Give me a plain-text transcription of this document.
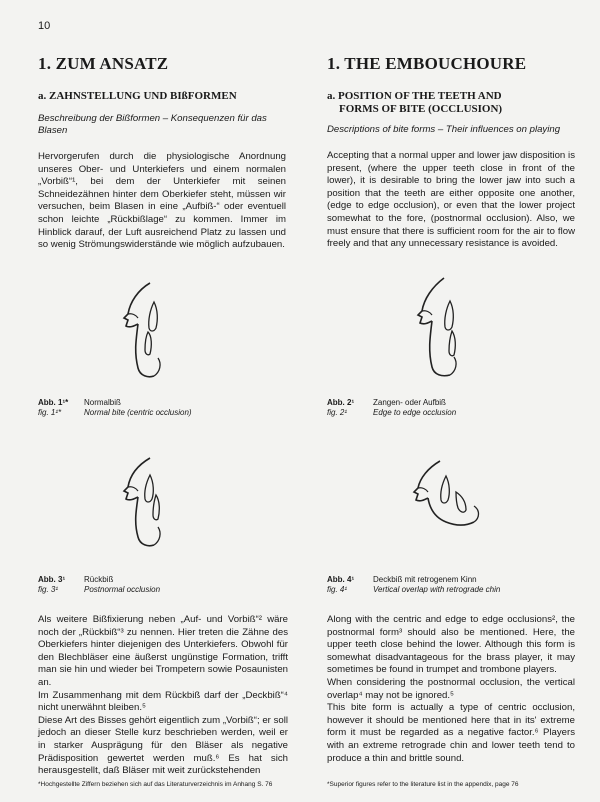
10
1. ZUM ANSATZ
a. ZAHNSTELLUNG UND BIßFORMEN
Beschreibung der Bißformen – Konsequenzen für das Blasen
Hervorgerufen durch die physiologische Anordnung unseres Ober- und Unterkiefers und einem normalen „Vorbiß“¹, bei dem der Unterkiefer mit seinen Schneidezähnen hinter dem Oberkiefer steht, müssen wir versuchen, beim Blasen in eine „Aufbiß-“ oder eventuell schon leichte „Rückbißlage“ zu kommen. Immer im Hinblick darauf, der Luft ausreichend Platz zu lassen und so wenig Strömungswiderstände wie möglich aufzubauen.
1. THE EMBOUCHOURE
a. POSITION OF THE TEETH AND
FORMS OF BITE (OCCLUSION)
Descriptions of bite forms – Their influences on playing
Accepting that a normal upper and lower jaw disposition is present, (where the upper teeth close in front of the lower), it is desirable to bring the lower jaw into such a position that the teeth are either opposite one another, (edge to edge occlusion), or even that the lower project somewhat to the fore, (postnormal occlusion). Also, we must ensure that there is sufficient room for the air to flow freely and that any unnecessary resistance is avoided.
Abb. 1¹* Normalbiß
fig. 1¹*	Normal bite (centric occlusion)
Abb. 2¹ Zangen- oder Aufbiß
fig. 2¹	Edge to edge occlusion
Abb. 3¹ Rückbiß
fig. 3¹	Postnormal occlusion
Abb. 4¹ Deckbiß mit retrogenem Kinn
fig. 4¹	Vertical overlap with retrograde chin
Als weitere Bißfixierung neben „Auf- und Vorbiß“² wäre noch der „Rückbiß“³ zu nennen. Hier treten die Zähne des Oberkiefers hinter diejenigen des Unterkiefers. Obwohl für den Blechbläser eine äußerst ungünstige Formation, trifft man sie hin und wieder bei Trompetern sowie Posaunisten an.
Im Zusammenhang mit dem Rückbiß darf der „Deckbiß“⁴ nicht unerwähnt bleiben.⁵
Diese Art des Bisses gehört eigentlich zum „Vorbiß“; er soll jedoch an dieser Stelle kurz beschrieben werden, weil er in starker Ausprägung für den Bläser als negative Prädisposition gewertet werden muß.⁶ Es hat sich herausgestellt, daß Bläser mit weit zurückstehenden
Along with the centric and edge to edge occlusions², the postnormal form³ should also be mentioned. Here, the upper teeth close behind the lower. Although this form is somewhat disadvantageous for the brass player, it may sometimes be found in trumpet and trombone players.
When considering the postnormal occlusion, the vertical overlap⁴ may not be ignored.⁵
This bite form is actually a type of centric occlusion, however it should be mentioned here that in its' extreme form it must be regarded as a negative factor.⁶ Players with an extreme retrograde chin and lower teeth tend to produce a thin and brittle sound.
*Hochgestellte Ziffern beziehen sich auf das Literaturverzeichnis im Anhang S. 76	*Superior figures refer to the literature list in the appendix, page 76
